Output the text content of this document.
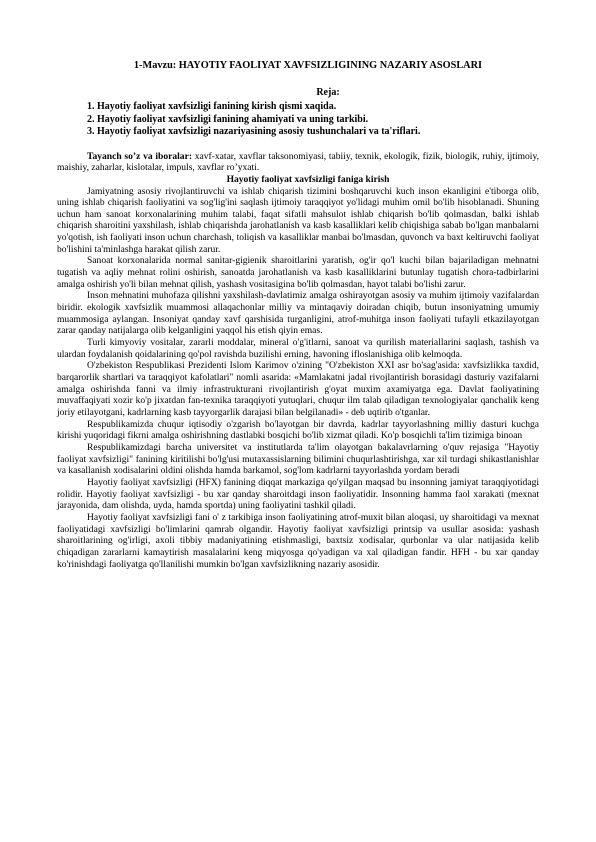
1-Mavzu: HAYOTIY FAOLIYAT XAVFSIZLIGINING NAZARIY ASOSLARI
Reja:
1. Hayotiy faoliyat xavfsizligi fanining kirish qismi xaqida.
2. Hayotiy faoliyat xavfsizligi fanining ahamiyati va uning tarkibi.
3. Hayotiy faoliyat xavfsizligi nazariyasining asosiy tushunchalari va ta'riflari.

Tayanch so’z va iboralar: xavf-xatar, xavflar taksonomiyasi, tabiiy, texnik, ekologik, fizik, biologik, ruhiy, ijtimoiy, maishiy, zaharlar, kislotalar, impuls, xavflar ro’yxati.

Hayotiy faoliyat xavfsizligi faniga kirish

Jamiyatning asosiy rivojlantiruvchi va ishlab chiqarish tizimini boshqaruvchi kuch inson ekanligini e'tiborga olib, uning ishlab chiqarish faoliyatini va sog'lig'ini saqlash ijtimoiy taraqqiyot yo'lidagi muhim omil bo'lib hisoblanadi. Shuning uchun ham sanoat korxonalarining muhim talabi, faqat sifatli mahsulot ishlab chiqarish bo'lib qolmasdan, balki ishlab chiqarish sharoitini yaxshilash, ishlab chiqarishda jarohatlanish va kasb kasalliklari kelib chiqishiga sabab bo'lgan manbalarni yo'qotish, ish faoliyati inson uchun charchash, toliqish va kasalliklar manbai bo'lmasdan, quvonch va baxt keltiruvchi faoliyat bo'lishini ta'minlashga harakat qilish zarur.

Sanoat korxonalarida normal sanitar-gigienik sharoitlarini yaratish, og'ir qo'l kuchi bilan bajariladigan mehnatni tugatish va aqliy mehnat rolini oshirish, sanoatda jarohatlanish va kasb kasalliklarini butunlay tugatish chora-tadbirlarini amalga oshirish yo'li bilan mehnat qilish, yashash vositasigina bo'lib qolmasdan, hayot talabi bo'lishi zarur.

Inson mehnatini muhofaza qilishni yaxshilash-davlatimiz amalga oshirayotgan asosiy va muhim ijtimoiy vazifalardan biridir. ekologik xavfsizlik muammosi allaqachonlar milliy va mintaqaviy doiradan chiqib, butun insoniyatning umumiy muammosiga aylangan. Insoniyat qanday xavf qarshisida turganligini, atrof-muhitga inson faoliyati tufayli etkazilayotgan zarar qanday natijalarga olib kelganligini yaqqol his etish qiyin emas.

Turli kimyoviy vositalar, zararli moddalar, mineral o'g'itlarni, sanoat va qurilish materiallarini saqlash, tashish va ulardan foydalanish qoidalarining qo'pol ravishda buzilishi erning, havoning ifloslanishiga olib kelmoqda.

O'zbekiston Respublikasi Prezidenti Islom Karimov o'zining "O'zbekiston XXI asr bo'sag'asida: xavfsizlikka taxdid, barqarorlik shartlari va taraqqiyot kafolatlari" nomli asarida: «Mamlakatni jadal rivojlantirish borasidagi dasturiy vazifalarni amalga oshirishda fanni va ilmiy infrastrukturani rivojlantirish g'oyat muxim axamiyatga ega. Davlat faoliyatining muvaffaqiyati xozir ko'p jixatdan fan-texnika taraqqiyoti yutuqlari, chuqur ilm talab qiladigan texnologiyalar qanchalik keng joriy etilayotgani, kadrlarning kasb tayyorgarlik darajasi bilan belgilanadi» - deb uqtirib o'tganlar.

Respublikamizda chuqur iqtisodiy o'zgarish bo'layotgan bir davrda, kadrlar tayyorlashning milliy dasturi kuchga kirishi yuqoridagi fikrni amalga oshirishning dastlabki bosqichi bo'lib xizmat qiladi. Ko'p bosqichli ta'lim tizimiga binoan

Respublikamizdagi barcha universitet va institutlarda ta'lim olayotgan bakalavrlarning o'quv rejasiga "Hayotiy faoliyat xavfsizligi" fanining kiritilishi bo'lg'usi mutaxassislarning bilimini chuqurlashtirishga, xar xil turdagi shikastlanishlar va kasallanish xodisalarini oldini olishda hamda barkamol, sog'lom kadrlarni tayyorlashda yordam beradi

Hayotiy faoliyat xavfsizligi (HFX) fanining diqqat markaziga qo'yilgan maqsad bu insonning jamiyat taraqqiyotidagi rolidir. Hayotiy faoliyat xavfsizligi - bu xar qanday sharoitdagi inson faoliyatidir. Insonning hamma faol xarakati (mexnat jarayonida, dam olishda, uyda, hamda sportda) uning faoliyatini tashkil qiladi.

Hayotiy faoliyat xavfsizligi fani o' z tarkibiga inson faoliyatining atrof-muxit bilan aloqasi, uy sharoitidagi va mexnat faoliyatidagi xavfsizligi bo'limlarini qamrab olgandir. Hayotiy faoliyat xavfsizligi printsip va usullar asosida: yashash sharoitlarining og'irligi, axoli tibbiy madaniyatining etishmasligi, baxtsiz xodisalar, qurbonlar va ular natijasida kelib chiqadigan zararlarni kamaytirish masalalarini keng miqyosga qo'yadigan va xal qiladigan fandir. HFH - bu xar qanday ko'rinishdagi faoliyatga qo'llanilishi mumkin bo'lgan xavfsizlikning nazariy asosidir.
